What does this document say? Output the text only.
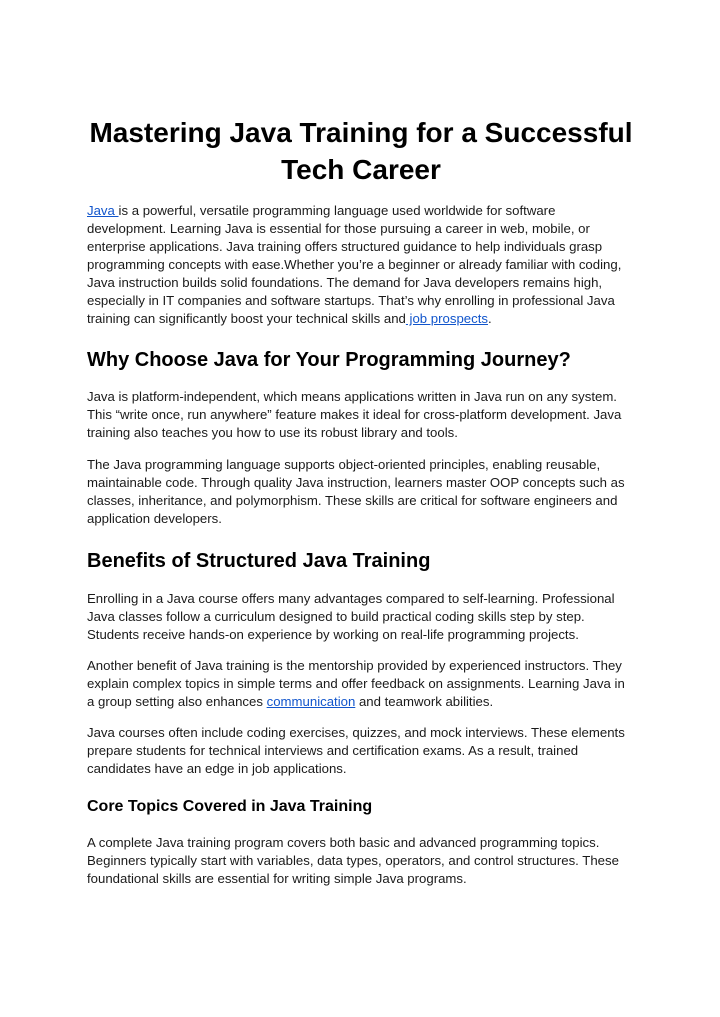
Mastering Java Training for a Successful Tech Career

Java is a powerful, versatile programming language used worldwide for software development. Learning Java is essential for those pursuing a career in web, mobile, or enterprise applications. Java training offers structured guidance to help individuals grasp programming concepts with ease.Whether you’re a beginner or already familiar with coding, Java instruction builds solid foundations. The demand for Java developers remains high, especially in IT companies and software startups. That’s why enrolling in professional Java training can significantly boost your technical skills and job prospects.

Why Choose Java for Your Programming Journey?

Java is platform-independent, which means applications written in Java run on any system. This “write once, run anywhere” feature makes it ideal for cross-platform development. Java training also teaches you how to use its robust library and tools.

The Java programming language supports object-oriented principles, enabling reusable, maintainable code. Through quality Java instruction, learners master OOP concepts such as classes, inheritance, and polymorphism. These skills are critical for software engineers and application developers.

Benefits of Structured Java Training

Enrolling in a Java course offers many advantages compared to self-learning. Professional Java classes follow a curriculum designed to build practical coding skills step by step. Students receive hands-on experience by working on real-life programming projects.

Another benefit of Java training is the mentorship provided by experienced instructors. They explain complex topics in simple terms and offer feedback on assignments. Learning Java in a group setting also enhances communication and teamwork abilities.

Java courses often include coding exercises, quizzes, and mock interviews. These elements prepare students for technical interviews and certification exams. As a result, trained candidates have an edge in job applications.

Core Topics Covered in Java Training

A complete Java training program covers both basic and advanced programming topics. Beginners typically start with variables, data types, operators, and control structures. These foundational skills are essential for writing simple Java programs.
